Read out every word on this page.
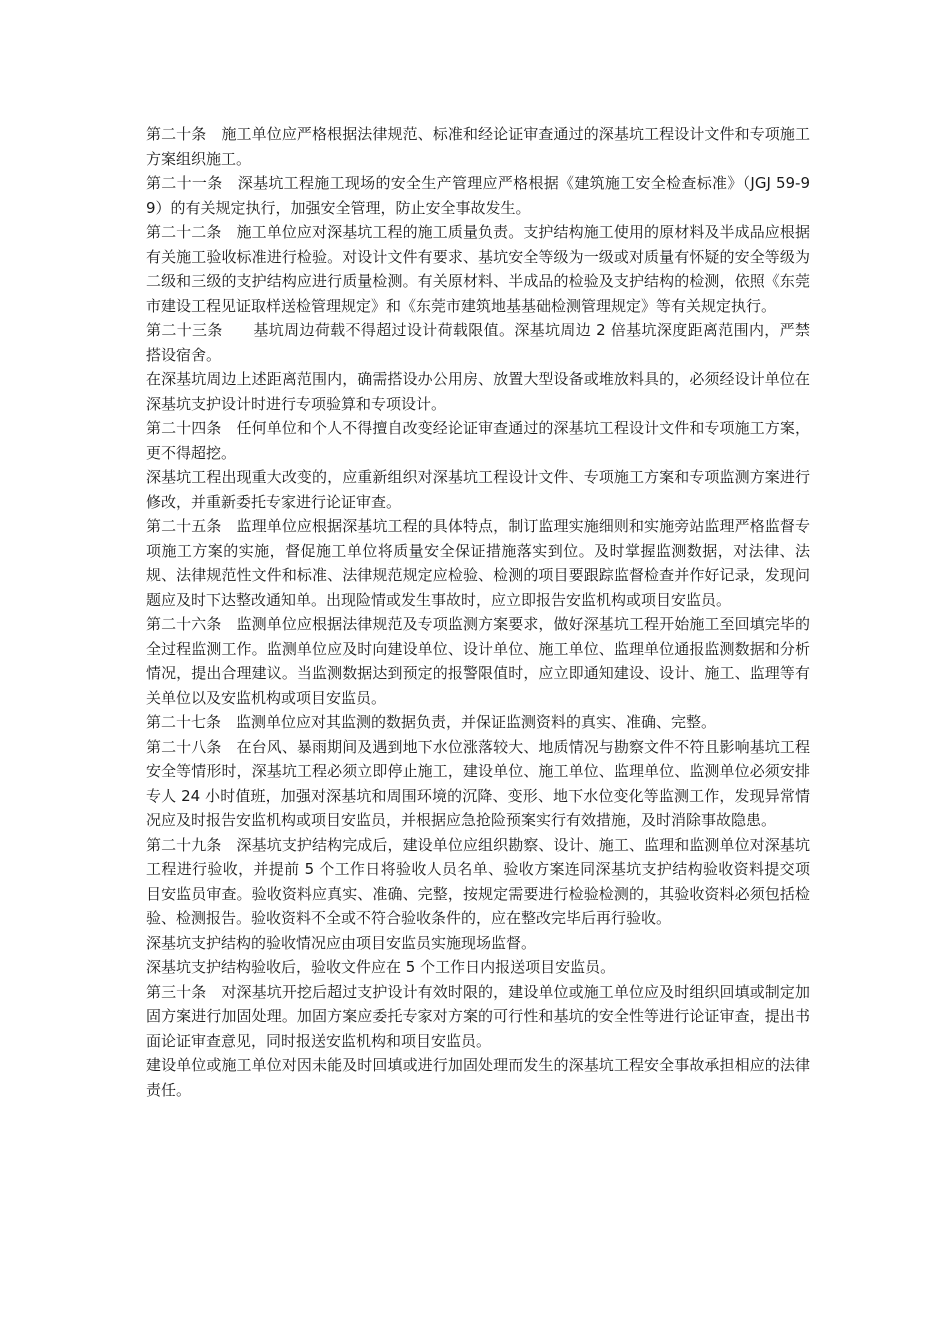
第二十条　施工单位应严格根据法律规范、标准和经论证审查通过的深基坑工程设计文件和专项施工方案组织施工。

第二十一条　深基坑工程施工现场的安全生产管理应严格根据《建筑施工安全检查标准》（JGJ 59-99）的有关规定执行，加强安全管理，防止安全事故发生。

第二十二条　施工单位应对深基坑工程的施工质量负责。支护结构施工使用的原材料及半成品应根据有关施工验收标准进行检验。对设计文件有要求、基坑安全等级为一级或对质量有怀疑的安全等级为二级和三级的支护结构应进行质量检测。有关原材料、半成品的检验及支护结构的检测，依照《东莞市建设工程见证取样送检管理规定》和《东莞市建筑地基基础检测管理规定》等有关规定执行。

第二十三条　　基坑周边荷载不得超过设计荷载限值。深基坑周边 2 倍基坑深度距离范围内，严禁搭设宿舍。

在深基坑周边上述距离范围内，确需搭设办公用房、放置大型设备或堆放料具的，必须经设计单位在深基坑支护设计时进行专项验算和专项设计。

第二十四条　任何单位和个人不得擅自改变经论证审查通过的深基坑工程设计文件和专项施工方案，更不得超挖。

深基坑工程出现重大改变的，应重新组织对深基坑工程设计文件、专项施工方案和专项监测方案进行修改，并重新委托专家进行论证审查。

第二十五条　监理单位应根据深基坑工程的具体特点，制订监理实施细则和实施旁站监理严格监督专项施工方案的实施，督促施工单位将质量安全保证措施落实到位。及时掌握监测数据，对法律、法规、法律规范性文件和标准、法律规范规定应检验、检测的项目要跟踪监督检查并作好记录，发现问题应及时下达整改通知单。出现险情或发生事故时，应立即报告安监机构或项目安监员。

第二十六条　监测单位应根据法律规范及专项监测方案要求，做好深基坑工程开始施工至回填完毕的全过程监测工作。监测单位应及时向建设单位、设计单位、施工单位、监理单位通报监测数据和分析情况，提出合理建议。当监测数据达到预定的报警限值时，应立即通知建设、设计、施工、监理等有关单位以及安监机构或项目安监员。

第二十七条　监测单位应对其监测的数据负责，并保证监测资料的真实、准确、完整。

第二十八条　在台风、暴雨期间及遇到地下水位涨落较大、地质情况与勘察文件不符且影响基坑工程安全等情形时，深基坑工程必须立即停止施工，建设单位、施工单位、监理单位、监测单位必须安排专人 24 小时值班，加强对深基坑和周围环境的沉降、变形、地下水位变化等监测工作，发现异常情况应及时报告安监机构或项目安监员，并根据应急抢险预案实行有效措施，及时消除事故隐患。

第二十九条　深基坑支护结构完成后，建设单位应组织勘察、设计、施工、监理和监测单位对深基坑工程进行验收，并提前 5 个工作日将验收人员名单、验收方案连同深基坑支护结构验收资料提交项目安监员审查。验收资料应真实、准确、完整，按规定需要进行检验检测的，其验收资料必须包括检验、检测报告。验收资料不全或不符合验收条件的，应在整改完毕后再行验收。

深基坑支护结构的验收情况应由项目安监员实施现场监督。

深基坑支护结构验收后，验收文件应在 5 个工作日内报送项目安监员。

第三十条　对深基坑开挖后超过支护设计有效时限的，建设单位或施工单位应及时组织回填或制定加固方案进行加固处理。加固方案应委托专家对方案的可行性和基坑的安全性等进行论证审查，提出书面论证审查意见，同时报送安监机构和项目安监员。

建设单位或施工单位对因未能及时回填或进行加固处理而发生的深基坑工程安全事故承担相应的法律责任。
